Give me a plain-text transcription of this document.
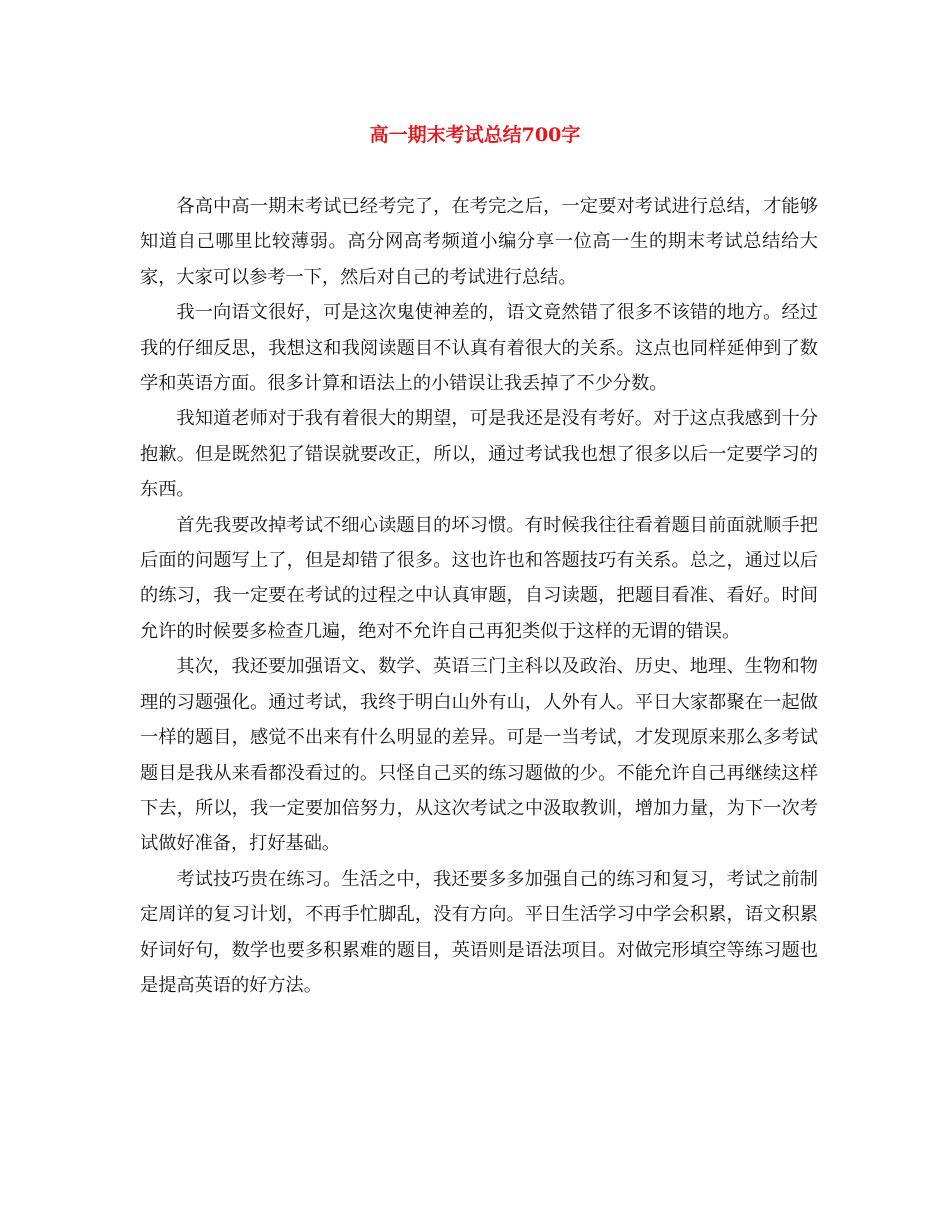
高一期末考试总结700字

各高中高一期末考试已经考完了，在考完之后，一定要对考试进行总结，才能够知道自己哪里比较薄弱。高分网高考频道小编分享一位高一生的期末考试总结给大家，大家可以参考一下，然后对自己的考试进行总结。

我一向语文很好，可是这次鬼使神差的，语文竟然错了很多不该错的地方。经过我的仔细反思，我想这和我阅读题目不认真有着很大的关系。这点也同样延伸到了数学和英语方面。很多计算和语法上的小错误让我丢掉了不少分数。

我知道老师对于我有着很大的期望，可是我还是没有考好。对于这点我感到十分抱歉。但是既然犯了错误就要改正，所以，通过考试我也想了很多以后一定要学习的东西。

首先我要改掉考试不细心读题目的坏习惯。有时候我往往看着题目前面就顺手把后面的问题写上了，但是却错了很多。这也许也和答题技巧有关系。总之，通过以后的练习，我一定要在考试的过程之中认真审题，自习读题，把题目看准、看好。时间允许的时候要多检查几遍，绝对不允许自己再犯类似于这样的无谓的错误。

其次，我还要加强语文、数学、英语三门主科以及政治、历史、地理、生物和物理的习题强化。通过考试，我终于明白山外有山，人外有人。平日大家都聚在一起做一样的题目，感觉不出来有什么明显的差异。可是一当考试，才发现原来那么多考试题目是我从来看都没看过的。只怪自己买的练习题做的少。不能允许自己再继续这样下去，所以，我一定要加倍努力，从这次考试之中汲取教训，增加力量，为下一次考试做好准备，打好基础。

考试技巧贵在练习。生活之中，我还要多多加强自己的练习和复习，考试之前制定周详的复习计划，不再手忙脚乱，没有方向。平日生活学习中学会积累，语文积累好词好句，数学也要多积累难的题目，英语则是语法项目。对做完形填空等练习题也是提高英语的好方法。
